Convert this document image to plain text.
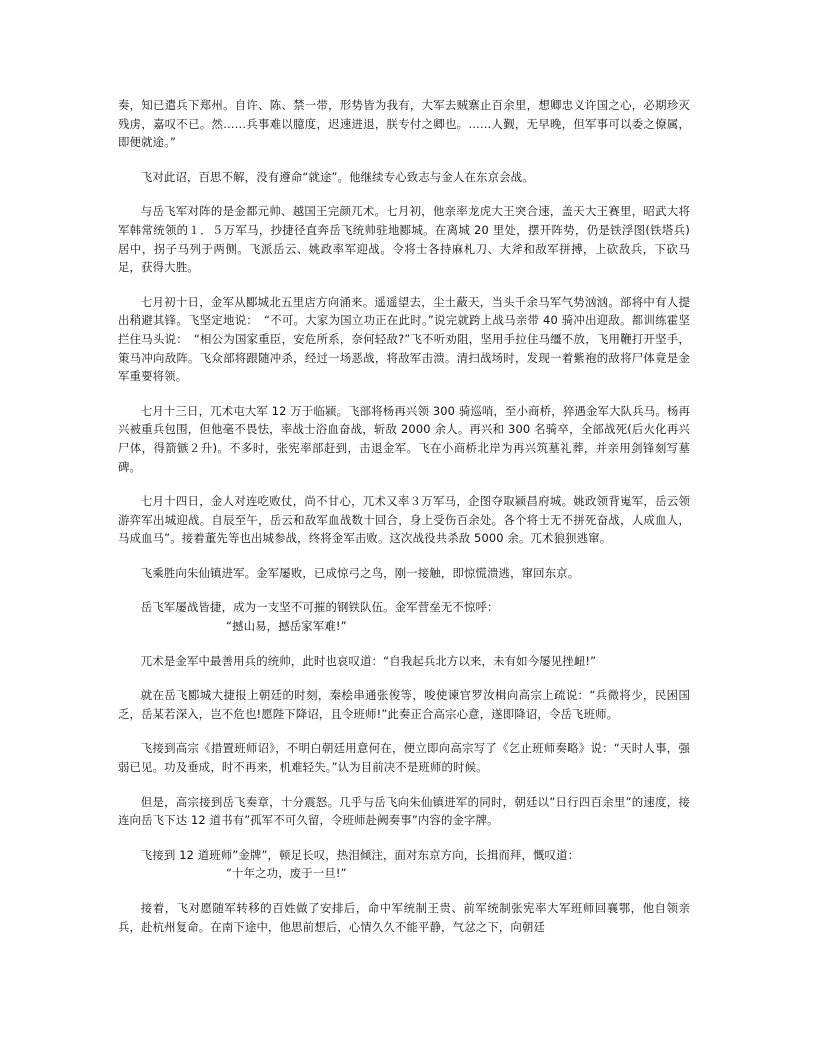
奏，知已遣兵下郑州。自许、陈、禁一带，形势皆为我有，大军去贼寨止百余里，想卿忠义许国之心，必期珍灭残虏，嘉叹不已。然……兵事难以臆度，迟速进退，朕专付之卿也。……人觐，无早晚，但军事可以委之僚属，即便就途。”

飞对此诏，百思不解，没有遵命“就途”。他继续专心致志与金人在东京会战。

与岳飞军对阵的是金都元帅、越国王完颜兀术。七月初，他亲率龙虎大王突合速，盖天大王赛里，昭武大将军韩常统领的１．５万军马，抄捷径直奔岳飞统帅驻地郾城。在离城 20 里处，摆开阵势，仍是铁浮图(铁塔兵)居中，拐子马列于两侧。飞派岳云、姚政率军迎战。令将士各持麻札刀、大斧和敌军拼搏，上砍敌兵，下砍马足，获得大胜。

七月初十日，金军从郾城北五里店方向涌来。遥遥望去，尘土蔽天，当头千余马军气势汹汹。部将中有人提出稍避其锋。飞坚定地说：　“不可。大家为国立功正在此时。”说完就跨上战马亲带 40 骑冲出迎敌。都训练霍坚拦住马头说：　“相公为国家重臣，安危所系，奈何轻敌?”飞不听劝阻，坚用手拉住马缰不放，飞用鞭打开坚手，策马冲向敌阵。飞众部将跟随冲杀，经过一场恶战，将敌军击溃。清扫战场时，发现一着紫袍的敌将尸体竟是金军重要将领。

七月十三日，兀术屯大军 12 万于临颍。飞部将杨再兴领 300 骑巡哨，至小商桥，猝遇金军大队兵马。杨再兴被重兵包围，但他毫不畏怯，率战士浴血奋战，斩敌 2000 余人。再兴和 300 名骑卒，全部战死(后火化再兴尸体，得箭镞２升)。不多时，张宪率部赶到，击退金军。飞在小商桥北岸为再兴筑墓礼葬，并亲用剑锋刻写墓碑。

七月十四日，金人对连吃败仗，尚不甘心，兀术又率３万军马，企图夺取颍昌府城。姚政领背嵬军，岳云领游弈军出城迎战。自辰至午，岳云和敌军血战数十回合，身上受伤百余处。各个将士无不拼死奋战，人成血人，马成血马”。接着董先等也出城参战，终将金军击败。这次战役共杀敌 5000 余。兀术狼狈逃窜。

飞乘胜向朱仙镇进军。金军屡败，已成惊弓之鸟，刚一接触，即惊慌溃逃，窜回东京。

岳飞军屡战皆捷，成为一支坚不可摧的钢铁队伍。金军营垒无不惊呼：

“撼山易，撼岳家军难!”

兀术是金军中最善用兵的统帅，此时也哀叹道：“自我起兵北方以来，未有如今屡见挫衄!”

就在岳飞郾城大捷报上朝廷的时刻，秦桧串通张俊等，唆使谏官罗汝楫向高宗上疏说：“兵微将少，民困国乏，岳某若深入，岂不危也!愿陛下降诏，且令班师!”此奏正合高宗心意，遂即降诏，令岳飞班师。

飞接到高宗《措置班师诏》，不明白朝廷用意何在，便立即向高宗写了《乞止班师奏略》说：“天时人事，强弱已见。功及垂成，时不再来，机难轻失。”认为目前决不是班师的时候。

但是，高宗接到岳飞奏章，十分震怒。几乎与岳飞向朱仙镇进军的同时，朝廷以”日行四百余里”的速度，接连向岳飞下达 12 道书有”孤军不可久留，令班师赴阙奏事”内容的金字牌。

飞接到 12 道班师”金牌”，顿足长叹，热泪倾注，面对东京方向，长揖而拜，慨叹道：

“十年之功，废于一旦!”

接着，飞对愿随军转移的百姓做了安排后，命中军统制王贵、前军统制张宪率大军班师回襄鄂，他自领亲兵，赴杭州复命。在南下途中，他思前想后，心情久久不能平静，气忿之下，向朝廷
